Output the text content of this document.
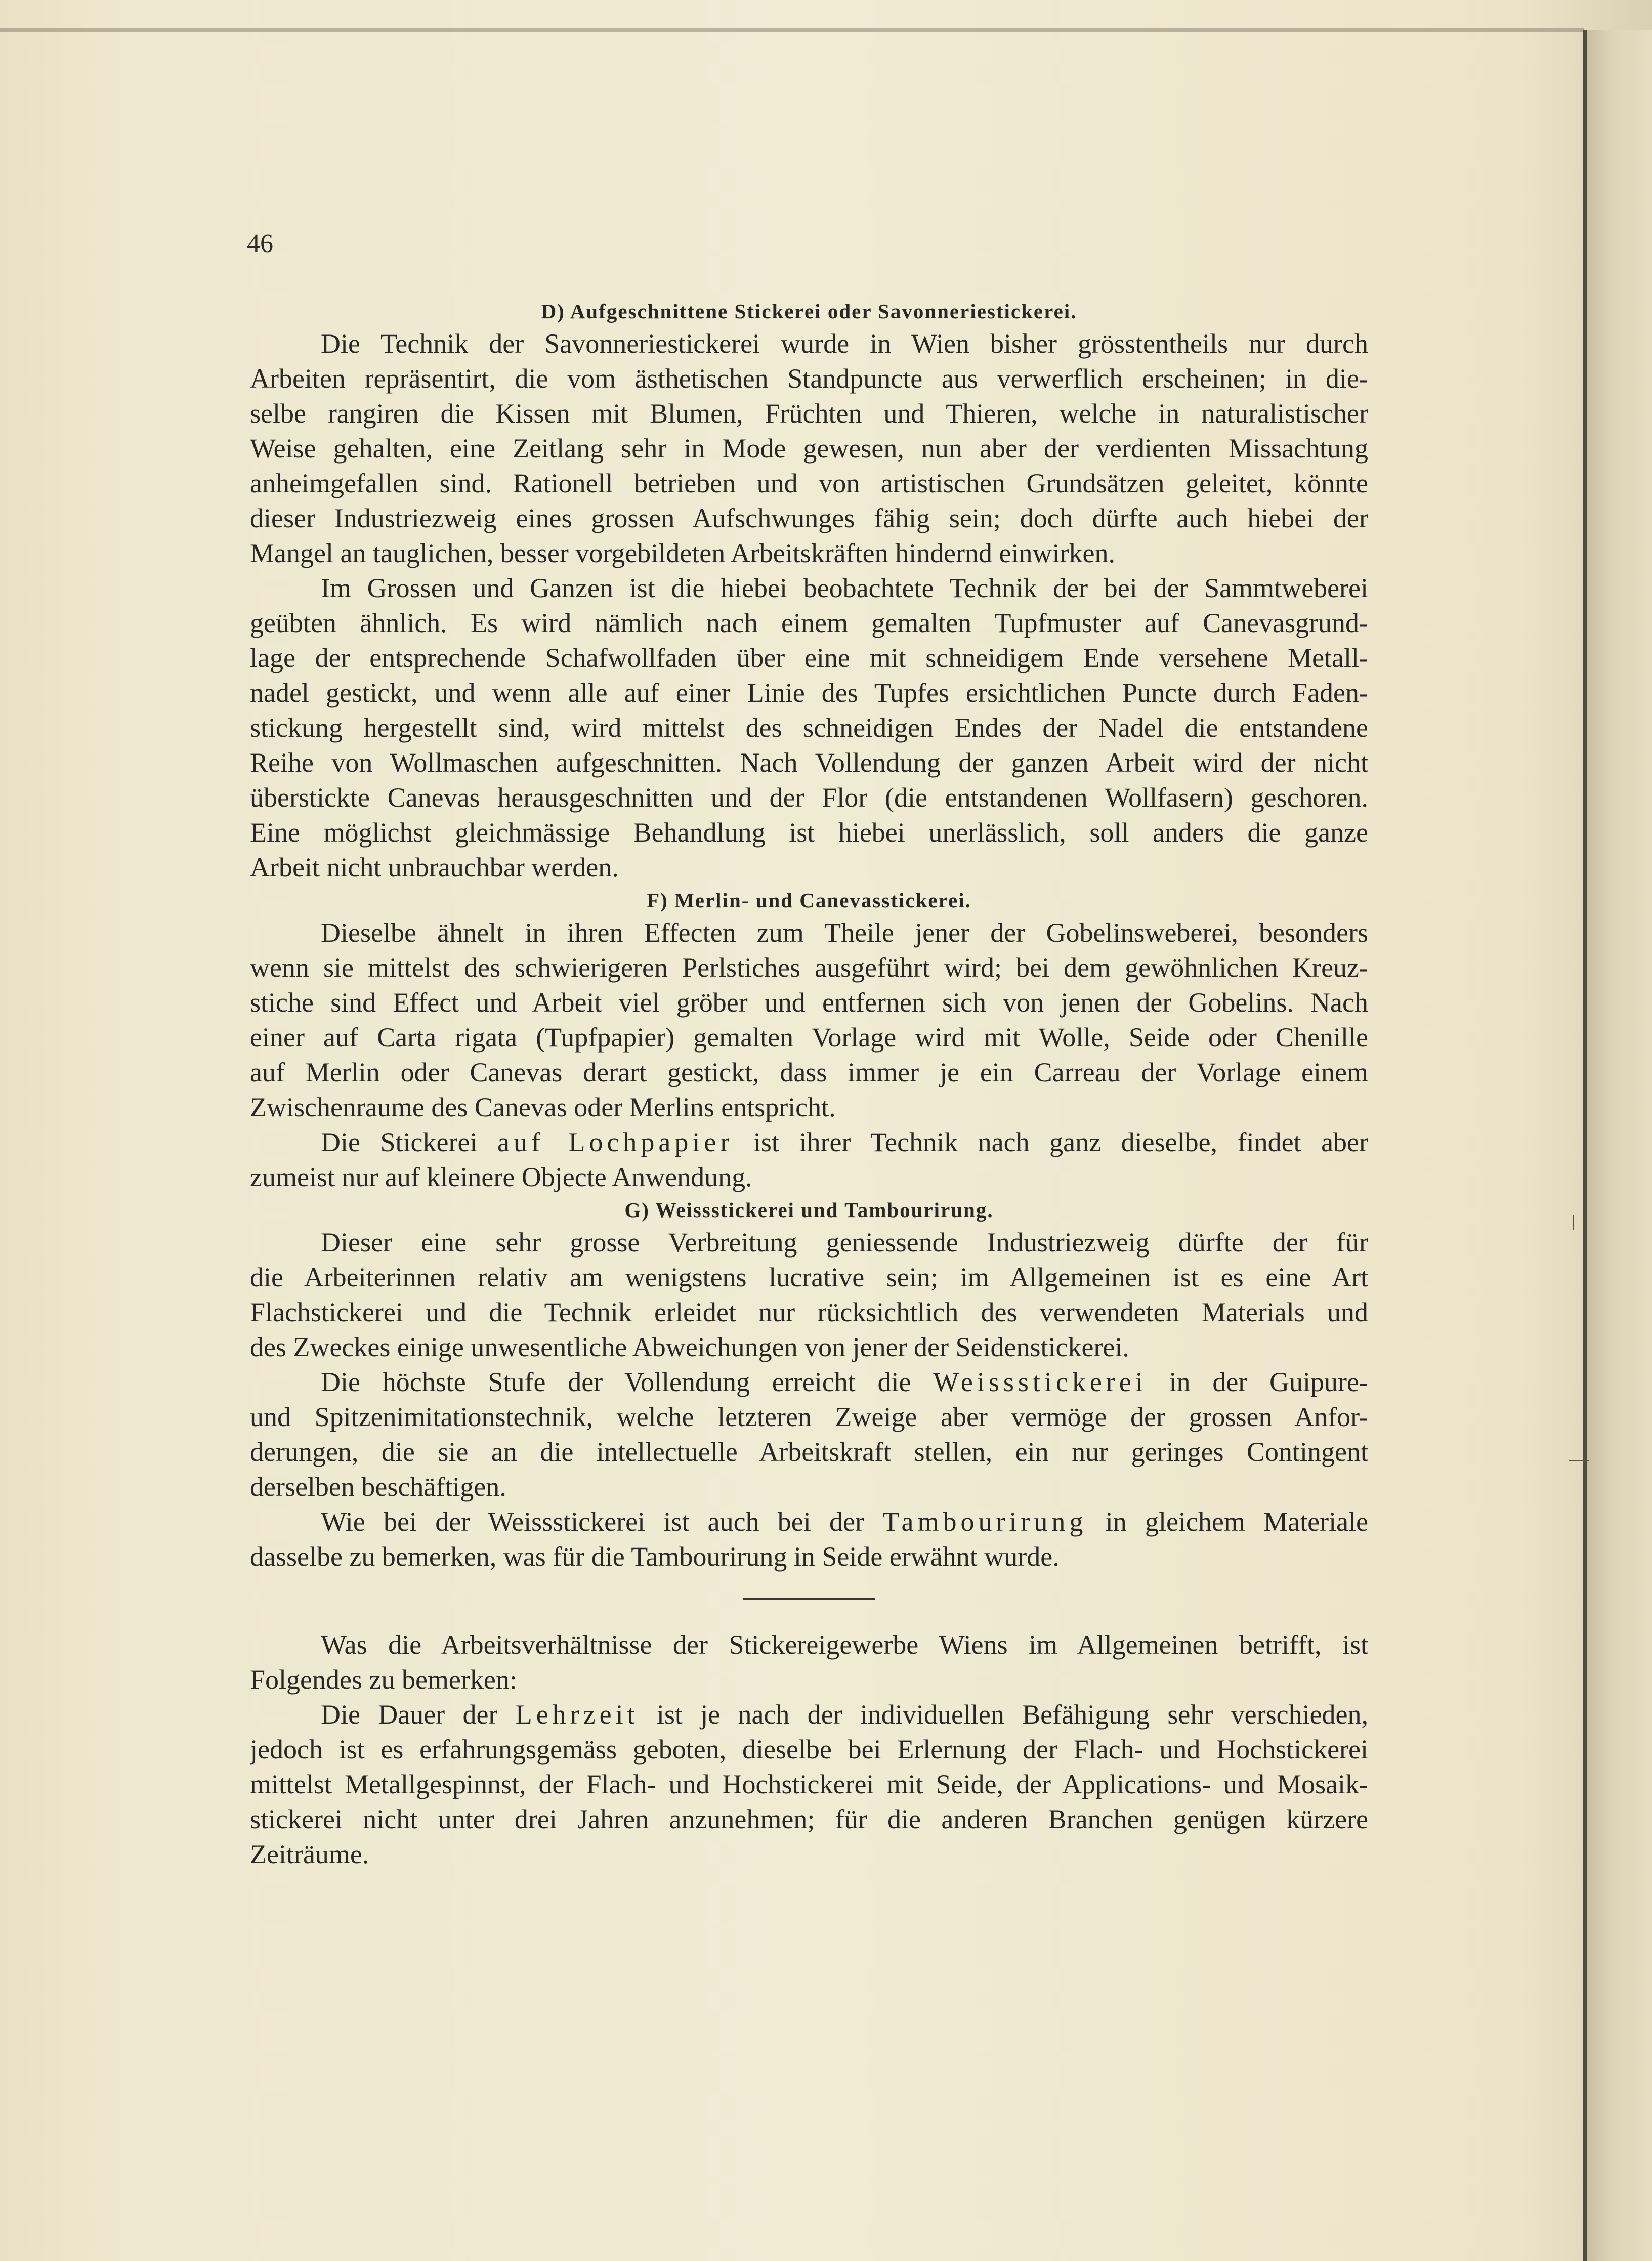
46
D) Aufgeschnittene Stickerei oder Savonneriestickerei.
Die Technik der Savonneriestickerei wurde in Wien bisher grösstentheils nur durch
Arbeiten repräsentirt, die vom ästhetischen Standpuncte aus verwerflich erscheinen; in die-
selbe rangiren die Kissen mit Blumen, Früchten und Thieren, welche in naturalistischer
Weise gehalten, eine Zeitlang sehr in Mode gewesen, nun aber der verdienten Missachtung
anheimgefallen sind. Rationell betrieben und von artistischen Grundsätzen geleitet, könnte
dieser Industriezweig eines grossen Aufschwunges fähig sein; doch dürfte auch hiebei der
Mangel an tauglichen, besser vorgebildeten Arbeitskräften hindernd einwirken.
Im Grossen und Ganzen ist die hiebei beobachtete Technik der bei der Sammtweberei
geübten ähnlich. Es wird nämlich nach einem gemalten Tupfmuster auf Canevasgrund-
lage der entsprechende Schafwollfaden über eine mit schneidigem Ende versehene Metall-
nadel gestickt, und wenn alle auf einer Linie des Tupfes ersichtlichen Puncte durch Faden-
stickung hergestellt sind, wird mittelst des schneidigen Endes der Nadel die entstandene
Reihe von Wollmaschen aufgeschnitten. Nach Vollendung der ganzen Arbeit wird der nicht
überstickte Canevas herausgeschnitten und der Flor (die entstandenen Wollfasern) geschoren.
Eine möglichst gleichmässige Behandlung ist hiebei unerlässlich, soll anders die ganze
Arbeit nicht unbrauchbar werden.
F) Merlin- und Canevasstickerei.
Dieselbe ähnelt in ihren Effecten zum Theile jener der Gobelinsweberei, besonders
wenn sie mittelst des schwierigeren Perlstiches ausgeführt wird; bei dem gewöhnlichen Kreuz-
stiche sind Effect und Arbeit viel gröber und entfernen sich von jenen der Gobelins. Nach
einer auf Carta rigata (Tupfpapier) gemalten Vorlage wird mit Wolle, Seide oder Chenille
auf Merlin oder Canevas derart gestickt, dass immer je ein Carreau der Vorlage einem
Zwischenraume des Canevas oder Merlins entspricht.
Die Stickerei auf Lochpapier ist ihrer Technik nach ganz dieselbe, findet aber
zumeist nur auf kleinere Objecte Anwendung.
G) Weissstickerei und Tambourirung.
Dieser eine sehr grosse Verbreitung geniessende Industriezweig dürfte der für
die Arbeiterinnen relativ am wenigstens lucrative sein; im Allgemeinen ist es eine Art
Flachstickerei und die Technik erleidet nur rücksichtlich des verwendeten Materials und
des Zweckes einige unwesentliche Abweichungen von jener der Seidenstickerei.
Die höchste Stufe der Vollendung erreicht die Weissstickerei in der Guipure-
und Spitzenimitationstechnik, welche letzteren Zweige aber vermöge der grossen Anfor-
derungen, die sie an die intellectuelle Arbeitskraft stellen, ein nur geringes Contingent
derselben beschäftigen.
Wie bei der Weissstickerei ist auch bei der Tambourirung in gleichem Materiale
dasselbe zu bemerken, was für die Tambourirung in Seide erwähnt wurde.
Was die Arbeitsverhältnisse der Stickereigewerbe Wiens im Allgemeinen betrifft, ist
Folgendes zu bemerken:
Die Dauer der Lehrzeit ist je nach der individuellen Befähigung sehr verschieden,
jedoch ist es erfahrungsgemäss geboten, dieselbe bei Erlernung der Flach- und Hochstickerei
mittelst Metallgespinnst, der Flach- und Hochstickerei mit Seide, der Applications- und Mosaik-
stickerei nicht unter drei Jahren anzunehmen; für die anderen Branchen genügen kürzere
Zeiträume.
